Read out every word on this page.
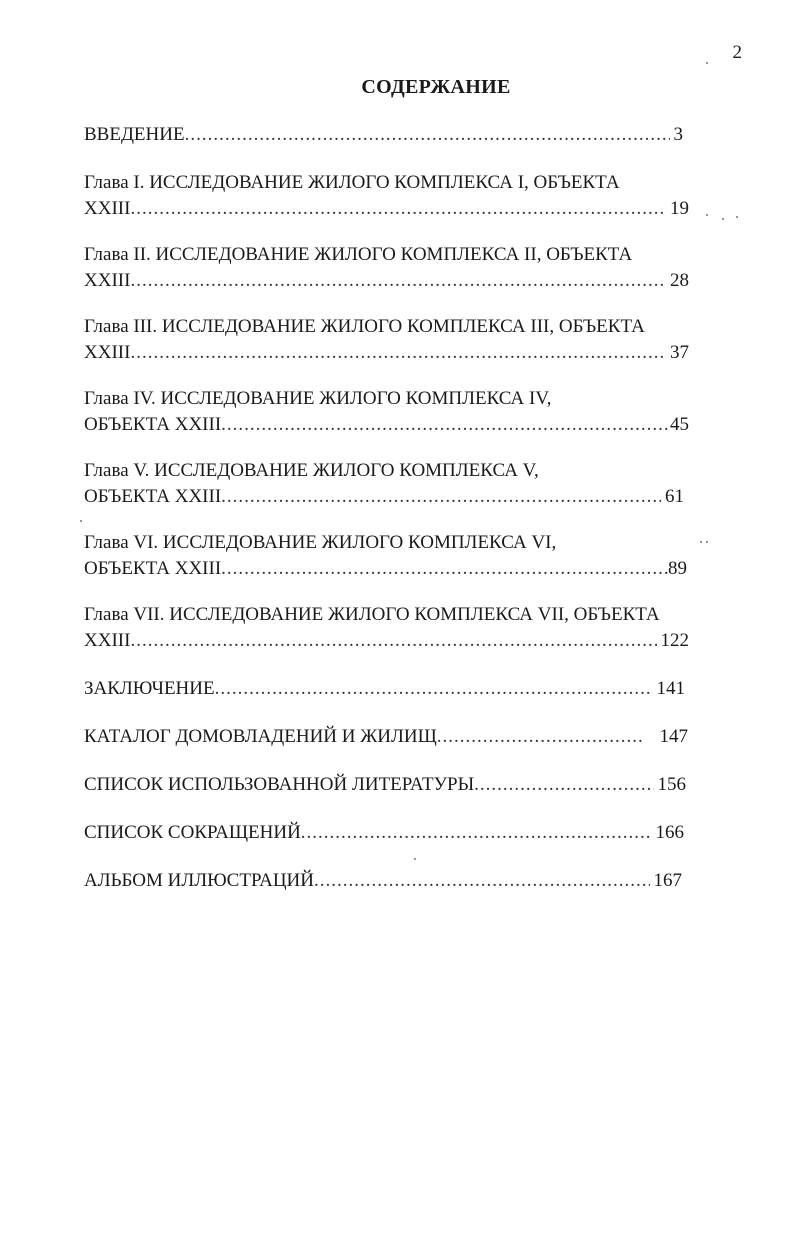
2
СОДЕРЖАНИЕ
ВВЕДЕНИЕ .....	3
Глава I. ИССЛЕДОВАНИЕ ЖИЛОГО КОМПЛЕКСА I, ОБЪЕКТА
XXIII .....	19
Глава II. ИССЛЕДОВАНИЕ ЖИЛОГО КОМПЛЕКСА II, ОБЪЕКТА
XXIII .....	28
Глава III. ИССЛЕДОВАНИЕ ЖИЛОГО КОМПЛЕКСА III, ОБЪЕКТА
XXIII .....	37
Глава IV. ИССЛЕДОВАНИЕ ЖИЛОГО КОМПЛЕКСА IV,
ОБЪЕКТА XXIII .....	45
Глава V. ИССЛЕДОВАНИЕ ЖИЛОГО КОМПЛЕКСА V,
ОБЪЕКТА XXIII .....	61
Глава VI. ИССЛЕДОВАНИЕ ЖИЛОГО КОМПЛЕКСА VI,
ОБЪЕКТА XXIII .....	89
Глава VII. ИССЛЕДОВАНИЕ ЖИЛОГО КОМПЛЕКСА VII, ОБЪЕКТА
XXIII .....	122
ЗАКЛЮЧЕНИЕ .....	141
КАТАЛОГ ДОМОВЛАДЕНИЙ И ЖИЛИЩ .....	147
СПИСОК ИСПОЛЬЗОВАННОЙ ЛИТЕРАТУРЫ .....	156
СПИСОК СОКРАЩЕНИЙ .....	166
АЛЬБОМ ИЛЛЮСТРАЦИЙ .....	167
